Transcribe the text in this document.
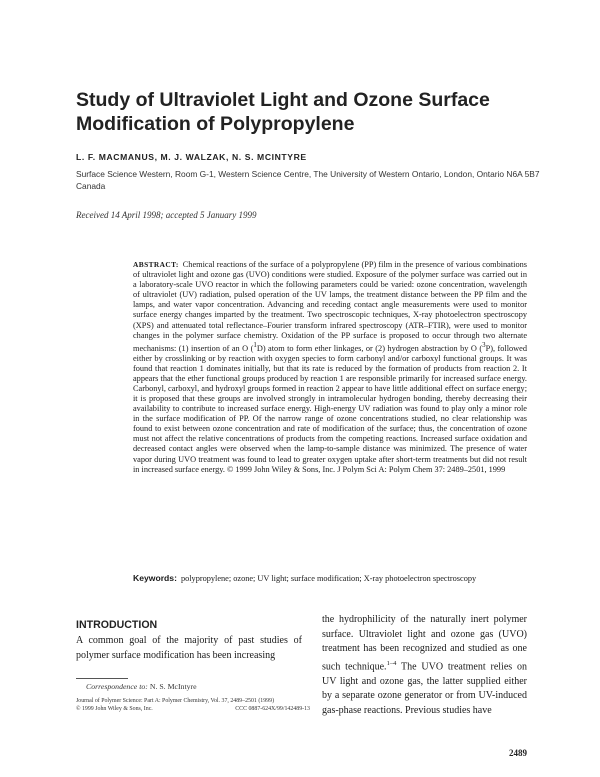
Study of Ultraviolet Light and Ozone Surface Modification of Polypropylene
L. F. MACMANUS, M. J. WALZAK, N. S. MCINTYRE
Surface Science Western, Room G-1, Western Science Centre, The University of Western Ontario, London, Ontario N6A 5B7 Canada
Received 14 April 1998; accepted 5 January 1999
ABSTRACT: Chemical reactions of the surface of a polypropylene (PP) film in the presence of various combinations of ultraviolet light and ozone gas (UVO) conditions were studied. Exposure of the polymer surface was carried out in a laboratory-scale UVO reactor in which the following parameters could be varied: ozone concentration, wavelength of ultraviolet (UV) radiation, pulsed operation of the UV lamps, the treatment distance between the PP film and the lamps, and water vapor concentration. Advancing and receding contact angle measurements were used to monitor surface energy changes imparted by the treatment. Two spectroscopic techniques, X-ray photoelectron spectroscopy (XPS) and attenuated total reflectance–Fourier transform infrared spectroscopy (ATR–FTIR), were used to monitor changes in the polymer surface chemistry. Oxidation of the PP surface is proposed to occur through two alternate mechanisms: (1) insertion of an O ($^1$D) atom to form ether linkages, or (2) hydrogen abstraction by O ($^3$P), followed either by crosslinking or by reaction with oxygen species to form carbonyl and/or carboxyl functional groups. It was found that reaction 1 dominates initially, but that its rate is reduced by the formation of products from reaction 2. It appears that the ether functional groups produced by reaction 1 are responsible primarily for increased surface energy. Carbonyl, carboxyl, and hydroxyl groups formed in reaction 2 appear to have little additional effect on surface energy; it is proposed that these groups are involved strongly in intramolecular hydrogen bonding, thereby decreasing their availability to contribute to increased surface energy. High-energy UV radiation was found to play only a minor role in the surface modification of PP. Of the narrow range of ozone concentrations studied, no clear relationship was found to exist between ozone concentration and rate of modification of the surface; thus, the concentration of ozone must not affect the relative concentrations of products from the competing reactions. Increased surface oxidation and decreased contact angles were observed when the lamp-to-sample distance was minimized. The presence of water vapor during UVO treatment was found to lead to greater oxygen uptake after short-term treatments but did not result in increased surface energy. © 1999 John Wiley & Sons, Inc. J Polym Sci A: Polym Chem 37: 2489–2501, 1999
Keywords: polypropylene; ozone; UV light; surface modification; X-ray photoelectron spectroscopy
INTRODUCTION
A common goal of the majority of past studies of polymer surface modification has been increasing
the hydrophilicity of the naturally inert polymer surface. Ultraviolet light and ozone gas (UVO) treatment has been recognized and studied as one such technique.$^{1-4}$ The UVO treatment relies on UV light and ozone gas, the latter supplied either by a separate ozone generator or from UV-induced gas-phase reactions. Previous studies have
Correspondence to: N. S. McIntyre
Journal of Polymer Science: Part A: Polymer Chemistry, Vol. 37, 2489–2501 (1999)
© 1999 John Wiley & Sons, Inc.	CCC 0887-624X/99/142489-13
2489
